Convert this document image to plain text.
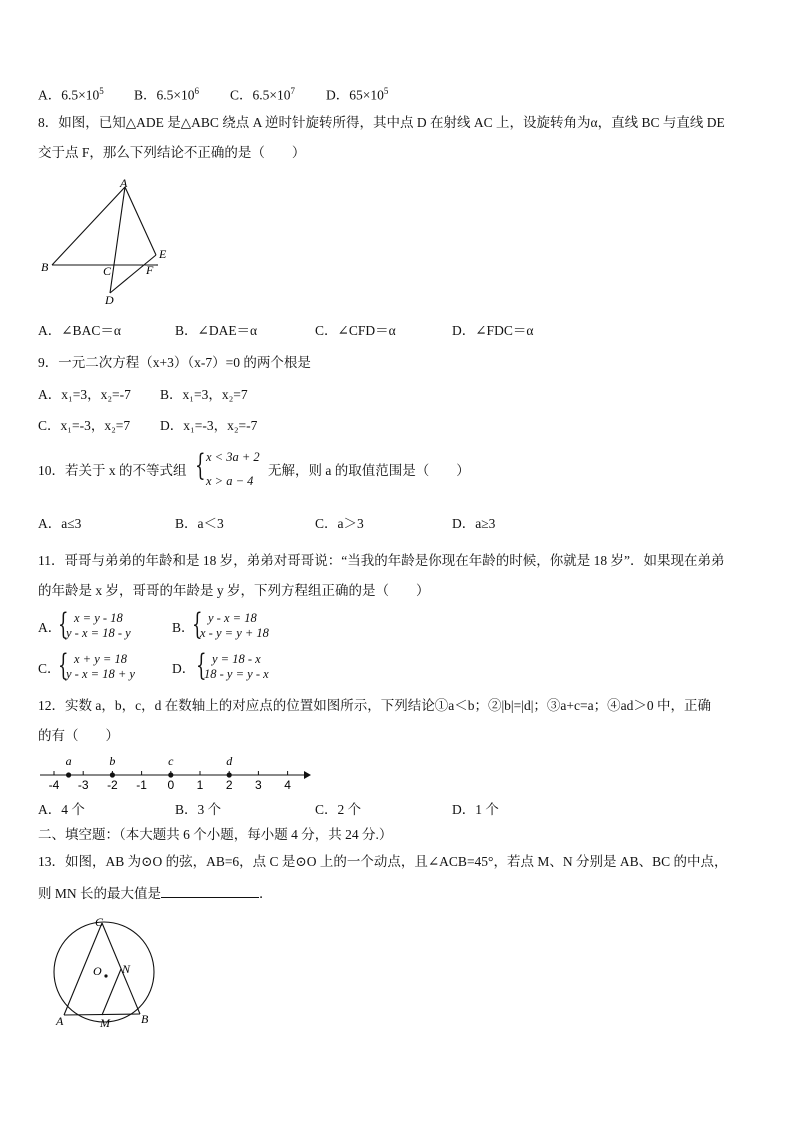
A．$6.5\times 10^5$ B．$6.5\times 10^6$ C．$6.5\times 10^7$ D．$65\times 10^5$
8．如图，已知△ADE 是△ABC 绕点 A 逆时针旋转所得，其中点 D 在射线 AC 上，设旋转角为α，直线 BC 与直线 DE
交于点 F，那么下列结论不正确的是（　　）
A
B	C	F
E
D
A．∠BAC＝α	B．∠DAE＝α	C．∠CFD＝α	D．∠FDC＝α
9．一元二次方程（x+3）（x-7）=0 的两个根是
A．x₁=3，x₂=-7 B．x₁=3，x₂=7
C．x₁=-3，x₂=7 D．x₁=-3，x₂=-7
10．若关于 x 的不等式组 { x < 3a + 2
x > a − 4
无解，则 a 的取值范围是（　　）
A．a≤3	B．a＜3	C．a＞3	D．a≥3
11．哥哥与弟弟的年龄和是 18 岁，弟弟对哥哥说：“当我的年龄是你现在年龄的时候，你就是 18 岁”．如果现在弟弟
的年龄是 x 岁，哥哥的年龄是 y 岁，下列方程组正确的是（　　）
A．
{ x = y - 18
y - x = 18 - y	B．
{ y - x = 18
x - y = y + 18
C．
{ x + y = 18
y - x = 18 + y	D． { y = 18 - x
18 - y = y - x
12．实数 a，b，c，d 在数轴上的对应点的位置如图所示，下列结论①a＜b；②|b|=|d|；③a+c=a；④ad＞0 中，正确
的有（　　）
-4 -3 -2 -1 0 1 2 3 4
a	b	c	d
A．4 个	B．3 个	C．2 个	D．1 个
二、填空题：（本大题共 6 个小题，每小题 4 分，共 24 分.）
13．如图，AB 为⊙O 的弦，AB=6，点 C 是⊙O 上的一个动点，且∠ACB=45°，若点 M、N 分别是 AB、BC 的中点，
则 MN 长的最大值是	．
C
O N
A	M	B
